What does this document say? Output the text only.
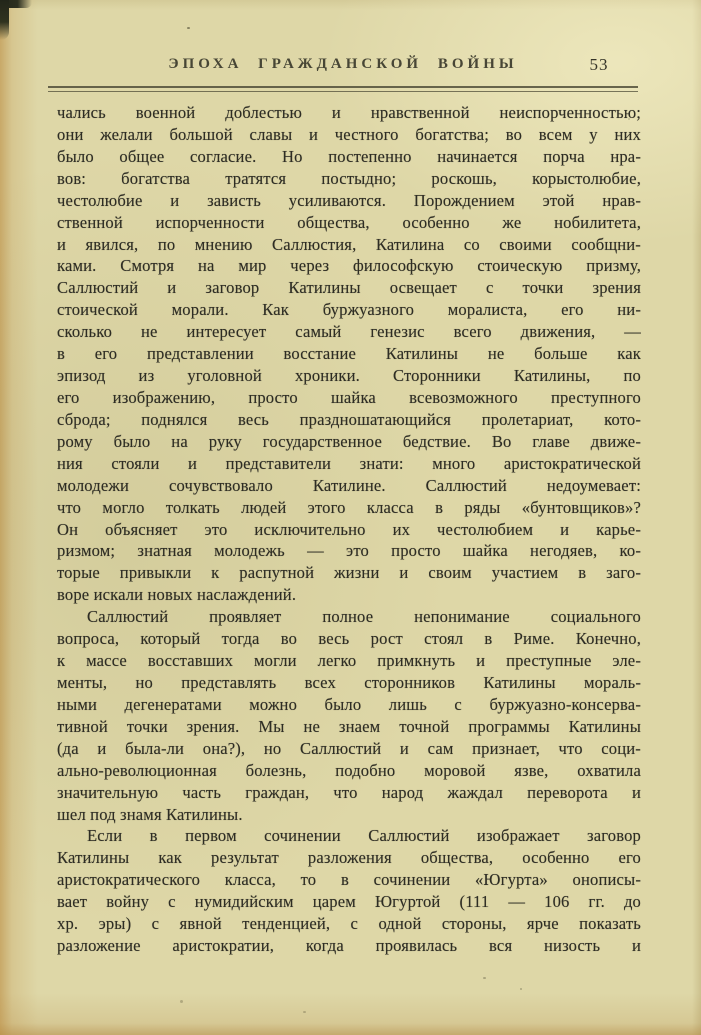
ЭПОХА ГРАЖДАНСКОЙ ВОЙНЫ	53
чались военной доблестью и нравственной неиспорченностью;
они желали большой славы и честного богатства; во всем у них
было общее согласие. Но постепенно начинается порча нра-
вов: богатства тратятся постыдно; роскошь, корыстолюбие,
честолюбие и зависть усиливаются. Порождением этой нрав-
ственной испорченности общества, особенно же нобилитета,
и явился, по мнению Саллюстия, Катилина со своими сообщни-
ками. Смотря на мир через философскую стоическую призму,
Саллюстий и заговор Катилины освещает с точки зрения
стоической морали. Как буржуазного моралиста, его ни-
сколько не интересует самый генезис всего движения, —
в его представлении восстание Катилины не больше как
эпизод из уголовной хроники. Сторонники Катилины, по
его изображению, просто шайка всевозможного преступного
сброда; поднялся весь праздношатающийся пролетариат, кото-
рому было на руку государственное бедствие. Во главе движе-
ния стояли и представители знати: много аристократической
молодежи сочувствовало Катилине. Саллюстий недоумевает:
что могло толкать людей этого класса в ряды «бунтовщиков»?
Он объясняет это исключительно их честолюбием и карье-
ризмом; знатная молодежь — это просто шайка негодяев, ко-
торые привыкли к распутной жизни и своим участием в заго-
воре искали новых наслаждений.
Саллюстий проявляет полное непонимание социального
вопроса, который тогда во весь рост стоял в Риме. Конечно,
к массе восставших могли легко примкнуть и преступные эле-
менты, но представлять всех сторонников Катилины мораль-
ными дегенератами можно было лишь с буржуазно-консерва-
тивной точки зрения. Мы не знаем точной программы Катилины
(да и была-ли она?), но Саллюстий и сам признает, что соци-
ально-революционная болезнь, подобно моровой язве, охватила
значительную часть граждан, что народ жаждал переворота и
шел под знамя Катилины.
Если в первом сочинении Саллюстий изображает заговор
Катилины как результат разложения общества, особенно его
аристократического класса, то в сочинении «Югурта» онописы-
вает войну с нумидийским царем Югуртой (111 — 106 гг. до
хр. эры) с явной тенденцией, с одной стороны, ярче показать
разложение аристократии, когда проявилась вся низость и
